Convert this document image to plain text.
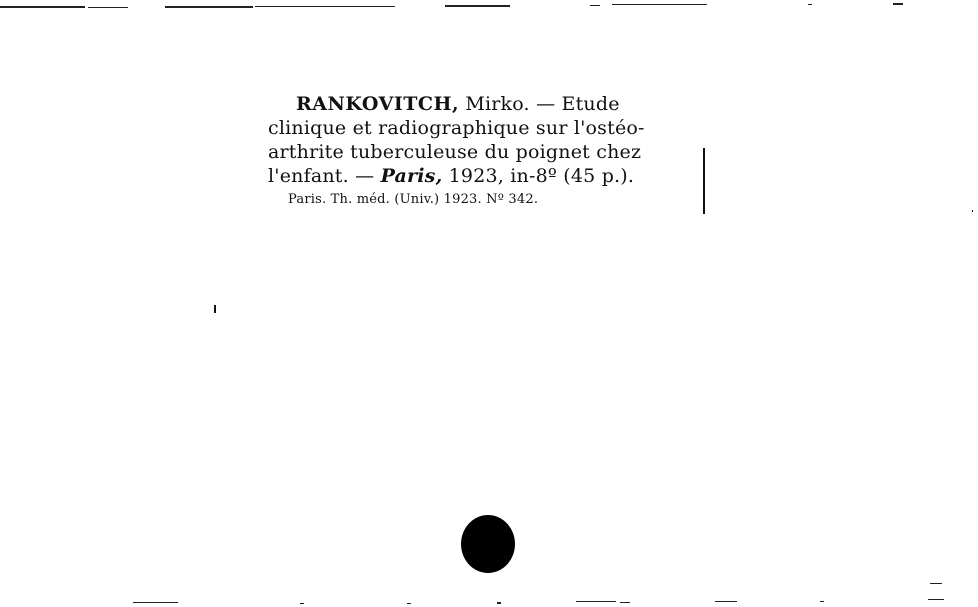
RANKOVITCH, Mirko. — Etude
clinique et radiographique sur l'ostéo-
arthrite tuberculeuse du poignet chez
l'enfant. — Paris, 1923, in-8º (45 p.).
Paris. Th. méd. (Univ.) 1923. Nº 342.
